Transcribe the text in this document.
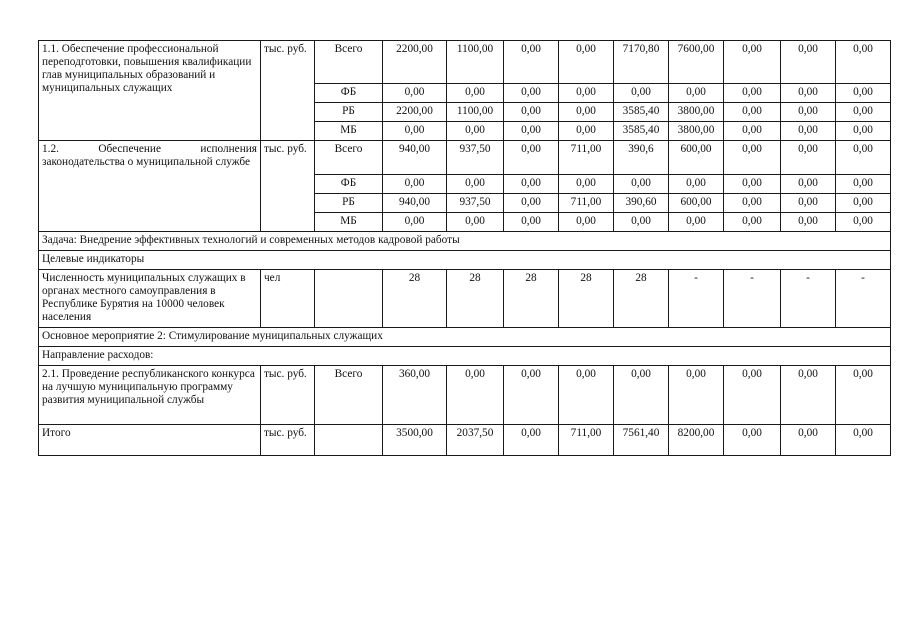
1.1. Обеспечение профессиональной переподготовки, повышения квалификации глав муниципальных образований и муниципальных служащих	тыс. руб.	Всего	2200,00	1100,00	0,00	0,00	7170,80	7600,00	0,00	0,00	0,00
		ФБ	0,00	0,00	0,00	0,00	0,00	0,00	0,00	0,00	0,00
		РБ	2200,00	1100,00	0,00	0,00	3585,40	3800,00	0,00	0,00	0,00
		МБ	0,00	0,00	0,00	0,00	3585,40	3800,00	0,00	0,00	0,00
1.2. Обеспечение исполнения законодательства о муниципальной службе	тыс. руб.	Всего	940,00	937,50	0,00	711,00	390,6	600,00	0,00	0,00	0,00
		ФБ	0,00	0,00	0,00	0,00	0,00	0,00	0,00	0,00	0,00
		РБ	940,00	937,50	0,00	711,00	390,60	600,00	0,00	0,00	0,00
		МБ	0,00	0,00	0,00	0,00	0,00	0,00	0,00	0,00	0,00
Задача: Внедрение эффективных технологий и современных методов кадровой работы											
Целевые индикаторы											
Численность муниципальных служащих в органах местного самоуправления в Республике Бурятия на 10000 человек населения	чел		28	28	28	28	28	-	-	-	-
Основное мероприятие 2: Стимулирование муниципальных служащих											
Направление расходов:											
2.1. Проведение республиканского конкурса на лучшую муниципальную программу развития муниципальной службы	тыс. руб.	Всего	360,00	0,00	0,00	0,00	0,00	0,00	0,00	0,00	0,00
Итого	тыс. руб.		3500,00	2037,50	0,00	711,00	7561,40	8200,00	0,00	0,00	0,00
